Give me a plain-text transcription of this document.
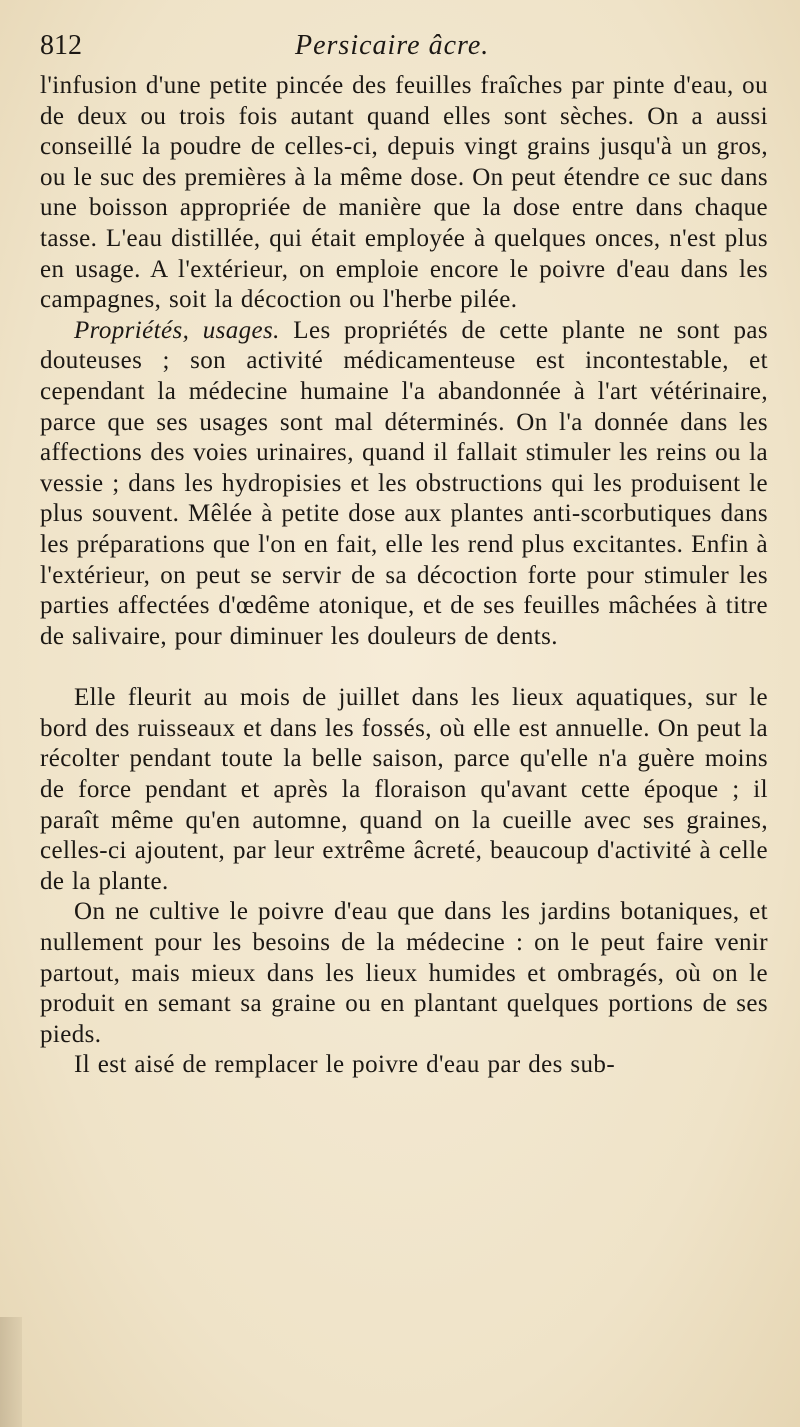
812	Persicaire âcre.

l'infusion d'une petite pincée des feuilles fraîches par pinte d'eau, ou de deux ou trois fois autant quand elles sont sèches. On a aussi conseillé la poudre de celles-ci, depuis vingt grains jusqu'à un gros, ou le suc des premières à la même dose. On peut étendre ce suc dans une boisson appropriée de manière que la dose entre dans chaque tasse. L'eau distillée, qui était employée à quelques onces, n'est plus en usage. A l'extérieur, on emploie encore le poivre d'eau dans les campagnes, soit la décoction ou l'herbe pilée.

Propriétés, usages. Les propriétés de cette plante ne sont pas douteuses ; son activité médicamenteuse est incontestable, et cependant la médecine humaine l'a abandonnée à l'art vétérinaire, parce que ses usages sont mal déterminés. On l'a donnée dans les affections des voies urinaires, quand il fallait stimuler les reins ou la vessie ; dans les hydropisies et les obstructions qui les produisent le plus souvent. Mêlée à petite dose aux plantes anti-scorbutiques dans les préparations que l'on en fait, elle les rend plus excitantes. Enfin à l'extérieur, on peut se servir de sa décoction forte pour stimuler les parties affectées d'œdême atonique, et de ses feuilles mâchées à titre de salivaire, pour diminuer les douleurs de dents.

Elle fleurit au mois de juillet dans les lieux aquatiques, sur le bord des ruisseaux et dans les fossés, où elle est annuelle. On peut la récolter pendant toute la belle saison, parce qu'elle n'a guère moins de force pendant et après la floraison qu'avant cette époque ; il paraît même qu'en automne, quand on la cueille avec ses graines, celles-ci ajoutent, par leur extrême âcreté, beaucoup d'activité à celle de la plante.

On ne cultive le poivre d'eau que dans les jardins botaniques, et nullement pour les besoins de la médecine : on le peut faire venir partout, mais mieux dans les lieux humides et ombragés, où on le produit en semant sa graine ou en plantant quelques portions de ses pieds.

Il est aisé de remplacer le poivre d'eau par des sub-
